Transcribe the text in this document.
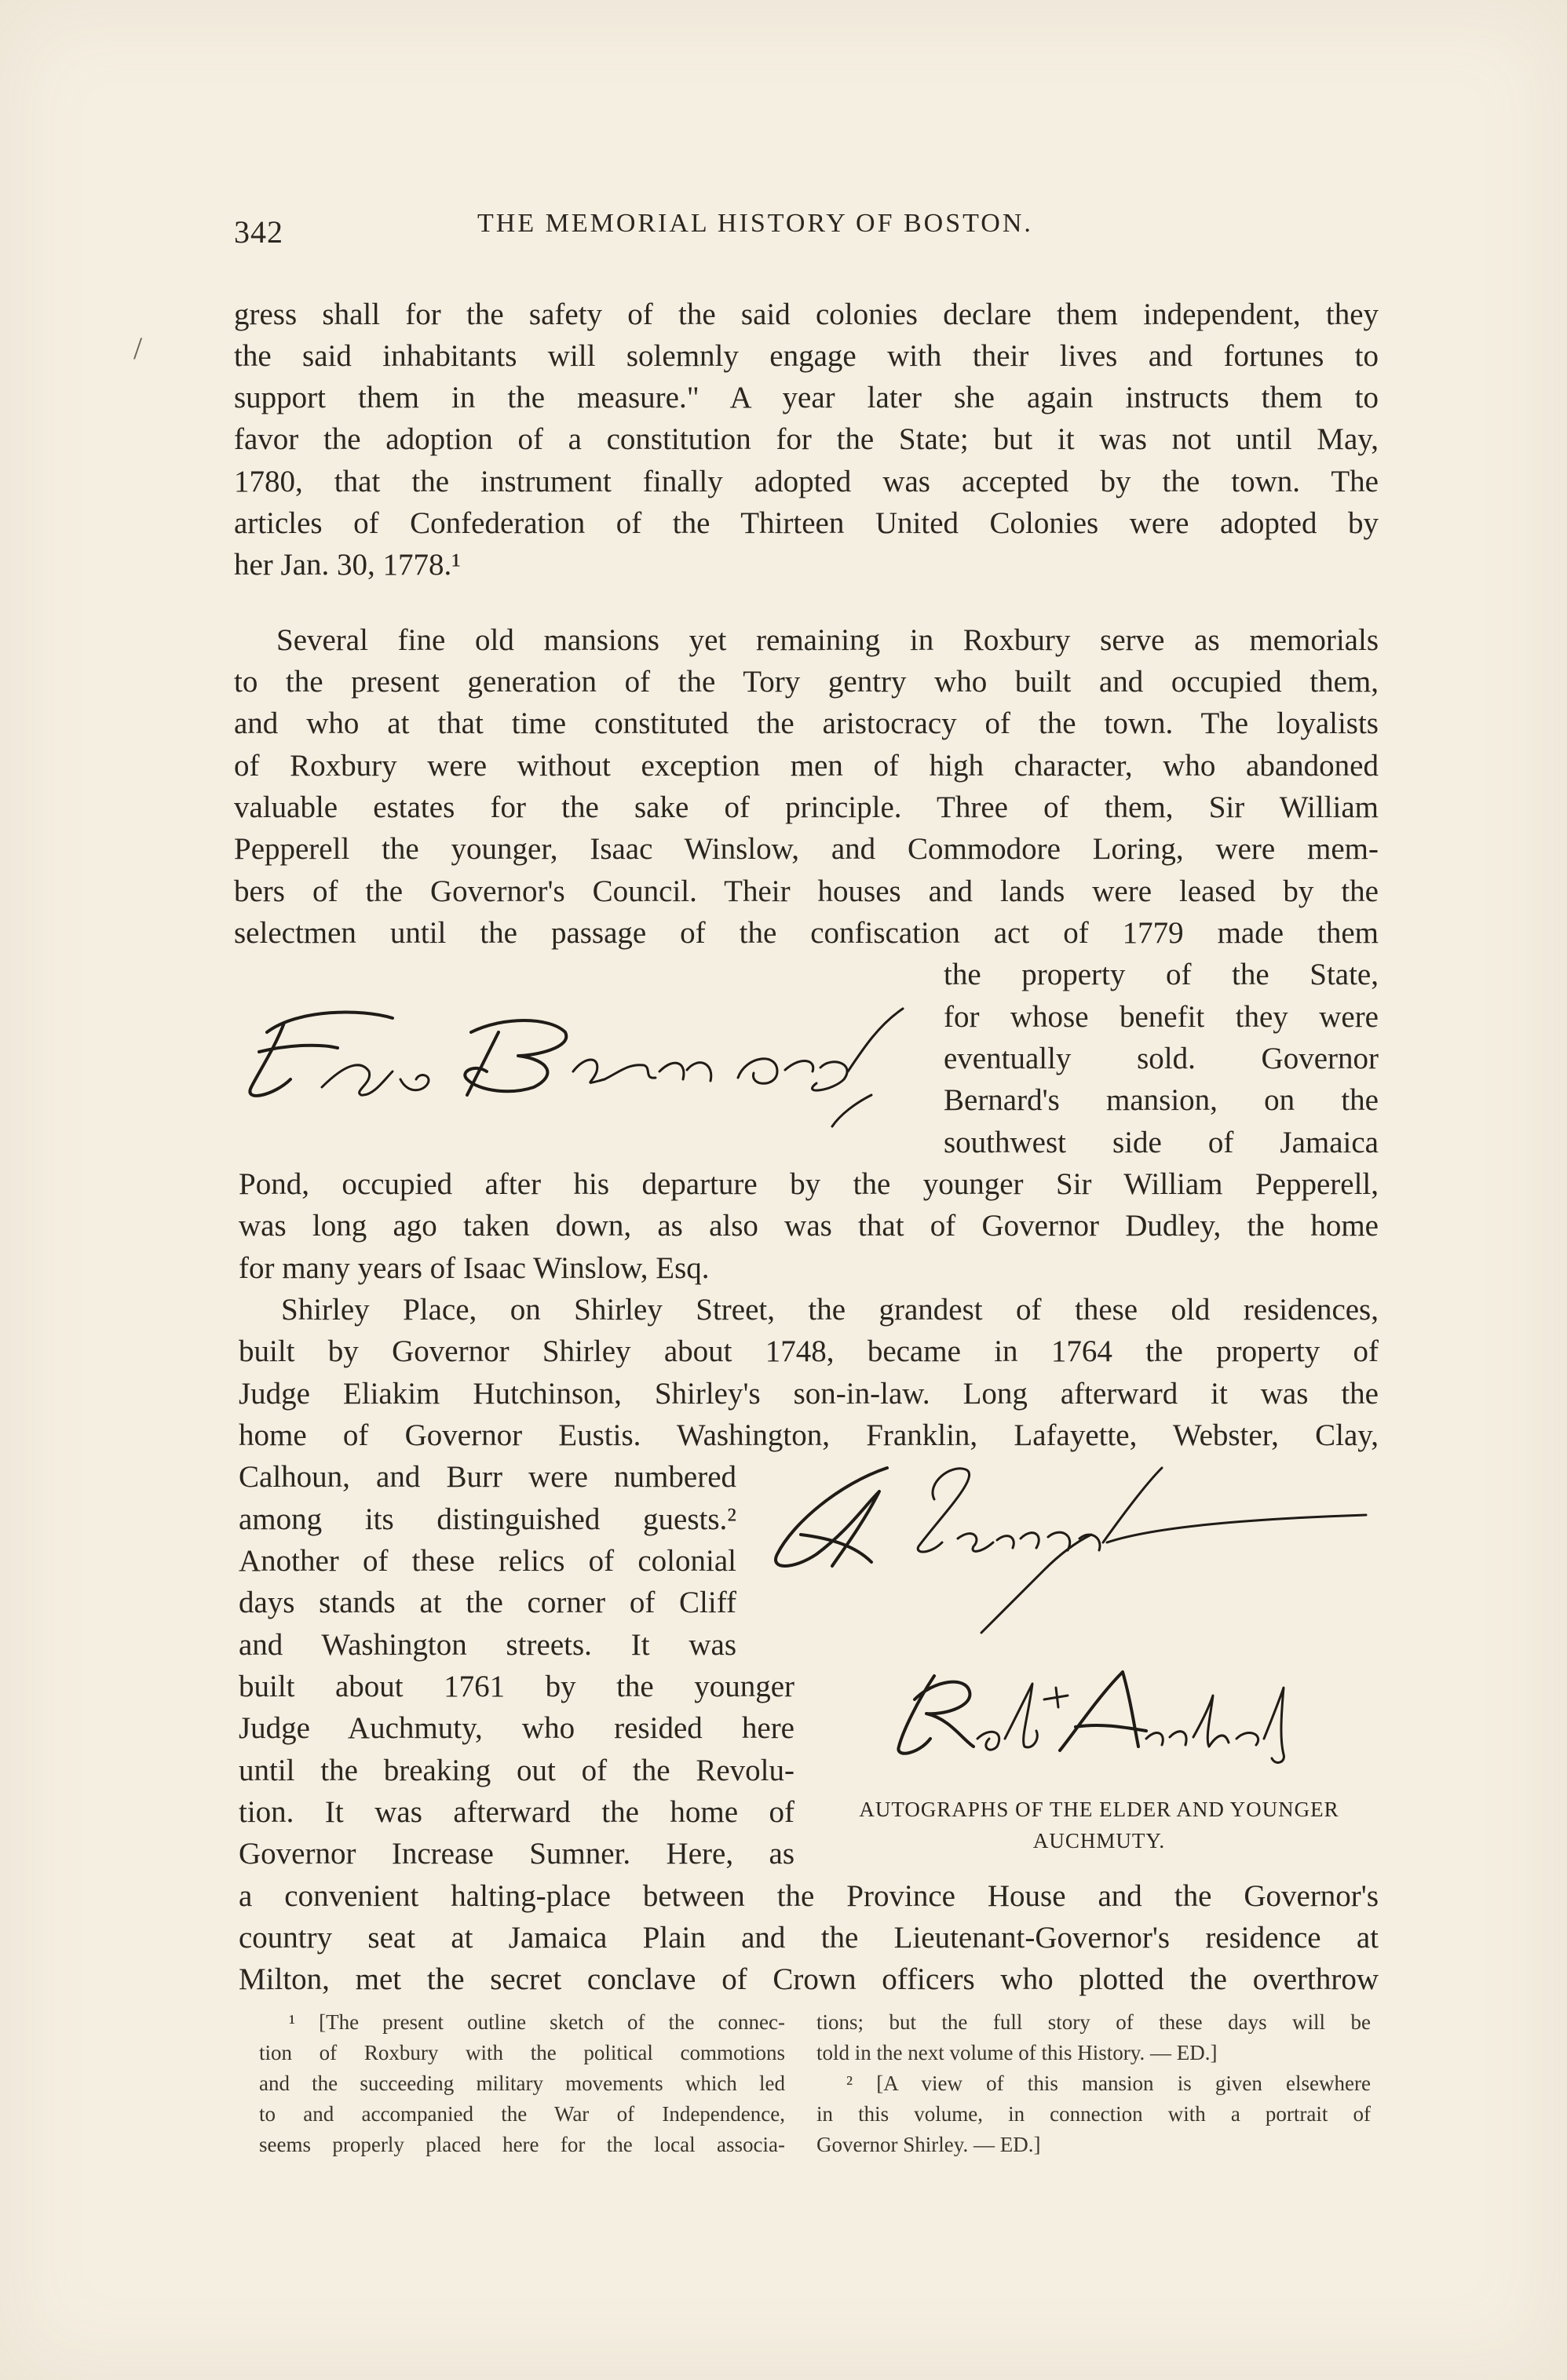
342	THE MEMORIAL HISTORY OF BOSTON.
/
gress shall for the safety of the said colonies declare them independent, they
the said inhabitants will solemnly engage with their lives and fortunes to
support them in the measure." A year later she again instructs them to
favor the adoption of a constitution for the State; but it was not until May,
1780, that the instrument finally adopted was accepted by the town. The
articles of Confederation of the Thirteen United Colonies were adopted by
her Jan. 30, 1778.¹
Several fine old mansions yet remaining in Roxbury serve as memorials
to the present generation of the Tory gentry who built and occupied them,
and who at that time constituted the aristocracy of the town. The loyalists
of Roxbury were without exception men of high character, who abandoned
valuable estates for the sake of principle. Three of them, Sir William
Pepperell the younger, Isaac Winslow, and Commodore Loring, were mem-
bers of the Governor's Council. Their houses and lands were leased by the
selectmen until the passage of the confiscation act of 1779 made them
the property of the State,
for whose benefit they were
eventually sold. Governor
Bernard's mansion, on the
southwest side of Jamaica
Pond, occupied after his departure by the younger Sir William Pepperell,
was long ago taken down, as also was that of Governor Dudley, the home
for many years of Isaac Winslow, Esq.
Shirley Place, on Shirley Street, the grandest of these old residences,
built by Governor Shirley about 1748, became in 1764 the property of
Judge Eliakim Hutchinson, Shirley's son-in-law. Long afterward it was the
home of Governor Eustis. Washington, Franklin, Lafayette, Webster, Clay,
Calhoun, and Burr were numbered
among its distinguished guests.²
Another of these relics of colonial
days stands at the corner of Cliff
and Washington streets. It was
built about 1761 by the younger
Judge Auchmuty, who resided here
until the breaking out of the Revolu-
tion. It was afterward the home of
Governor Increase Sumner. Here, as
a convenient halting-place between the Province House and the Governor's
country seat at Jamaica Plain and the Lieutenant-Governor's residence at
Milton, met the secret conclave of Crown officers who plotted the overthrow
AUTOGRAPHS OF THE ELDER AND YOUNGER
AUCHMUTY.
¹ [The present outline sketch of the connec-
tion of Roxbury with the political commotions
and the succeeding military movements which led
to and accompanied the War of Independence,
seems properly placed here for the local associa-
tions; but the full story of these days will be
told in the next volume of this History. — ED.]
² [A view of this mansion is given elsewhere
in this volume, in connection with a portrait of
Governor Shirley. — ED.]
